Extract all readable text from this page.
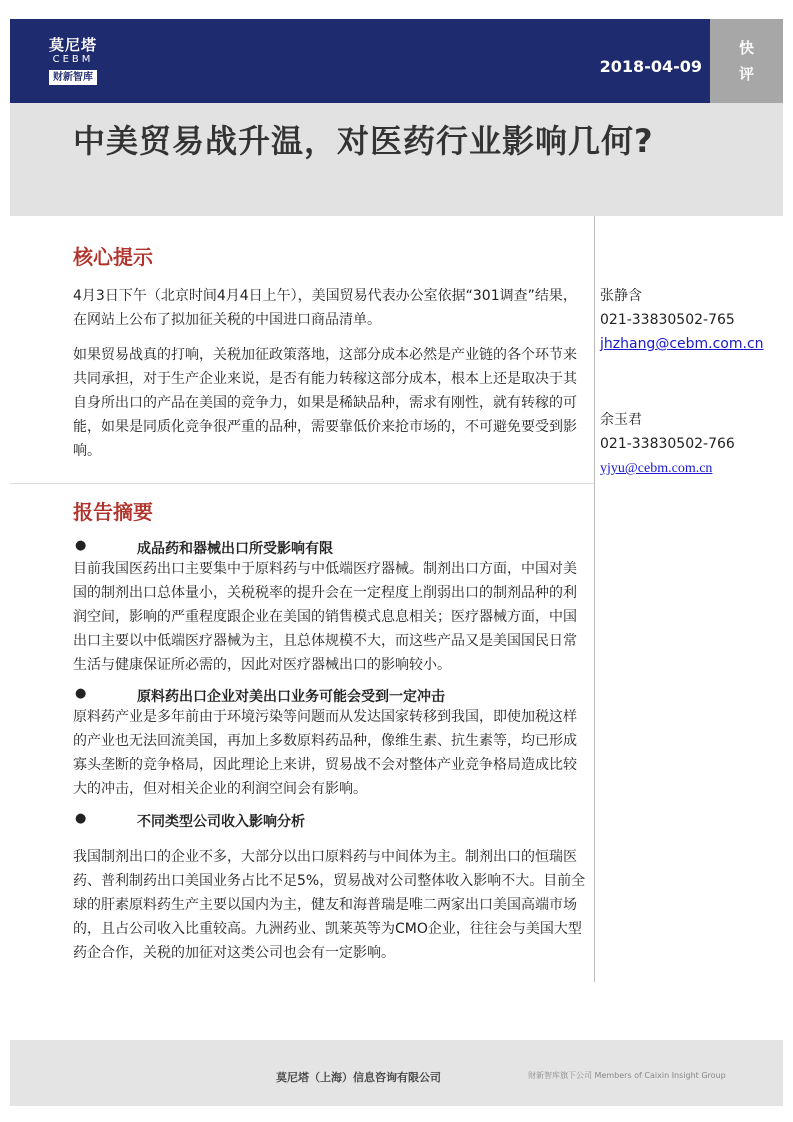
莫尼塔
CEBM
财新智库
2018-04-09
快
评
中美贸易战升温，对医药行业影响几何?
核心提示
4月3日下午（北京时间4月4日上午），美国贸易代表办公室依据“301调查”结果，在网站上公布了拟加征关税的中国进口商品清单。
如果贸易战真的打响，关税加征政策落地，这部分成本必然是产业链的各个环节来共同承担，对于生产企业来说，是否有能力转稼这部分成本，根本上还是取决于其自身所出口的产品在美国的竞争力，如果是稀缺品种，需求有刚性，就有转稼的可能，如果是同质化竞争很严重的品种，需要靠低价来抢市场的，不可避免要受到影响。
张静含
021-33830502-765
jhzhang@cebm.com.cn
余玉君
021-33830502-766
yjyu@cebm.com.cn
报告摘要
●	成品药和器械出口所受影响有限
目前我国医药出口主要集中于原料药与中低端医疗器械。制剂出口方面，中国对美国的制剂出口总体量小，关税税率的提升会在一定程度上削弱出口的制剂品种的利润空间，影响的严重程度跟企业在美国的销售模式息息相关；医疗器械方面，中国出口主要以中低端医疗器械为主，且总体规模不大，而这些产品又是美国国民日常生活与健康保证所必需的，因此对医疗器械出口的影响较小。
●	原料药出口企业对美出口业务可能会受到一定冲击
原料药产业是多年前由于环境污染等问题而从发达国家转移到我国，即使加税这样的产业也无法回流美国，再加上多数原料药品种，像维生素、抗生素等，均已形成寡头垄断的竞争格局，因此理论上来讲，贸易战不会对整体产业竞争格局造成比较大的冲击，但对相关企业的利润空间会有影响。
●	不同类型公司收入影响分析
我国制剂出口的企业不多，大部分以出口原料药与中间体为主。制剂出口的恒瑞医药、普利制药出口美国业务占比不足5%，贸易战对公司整体收入影响不大。目前全球的肝素原料药生产主要以国内为主，健友和海普瑞是唯二两家出口美国高端市场的，且占公司收入比重较高。九洲药业、凯莱英等为CMO企业，往往会与美国大型药企合作，关税的加征对这类公司也会有一定影响。
莫尼塔（上海）信息咨询有限公司	财新智库旗下公司 Members of Caixin Insight Group
